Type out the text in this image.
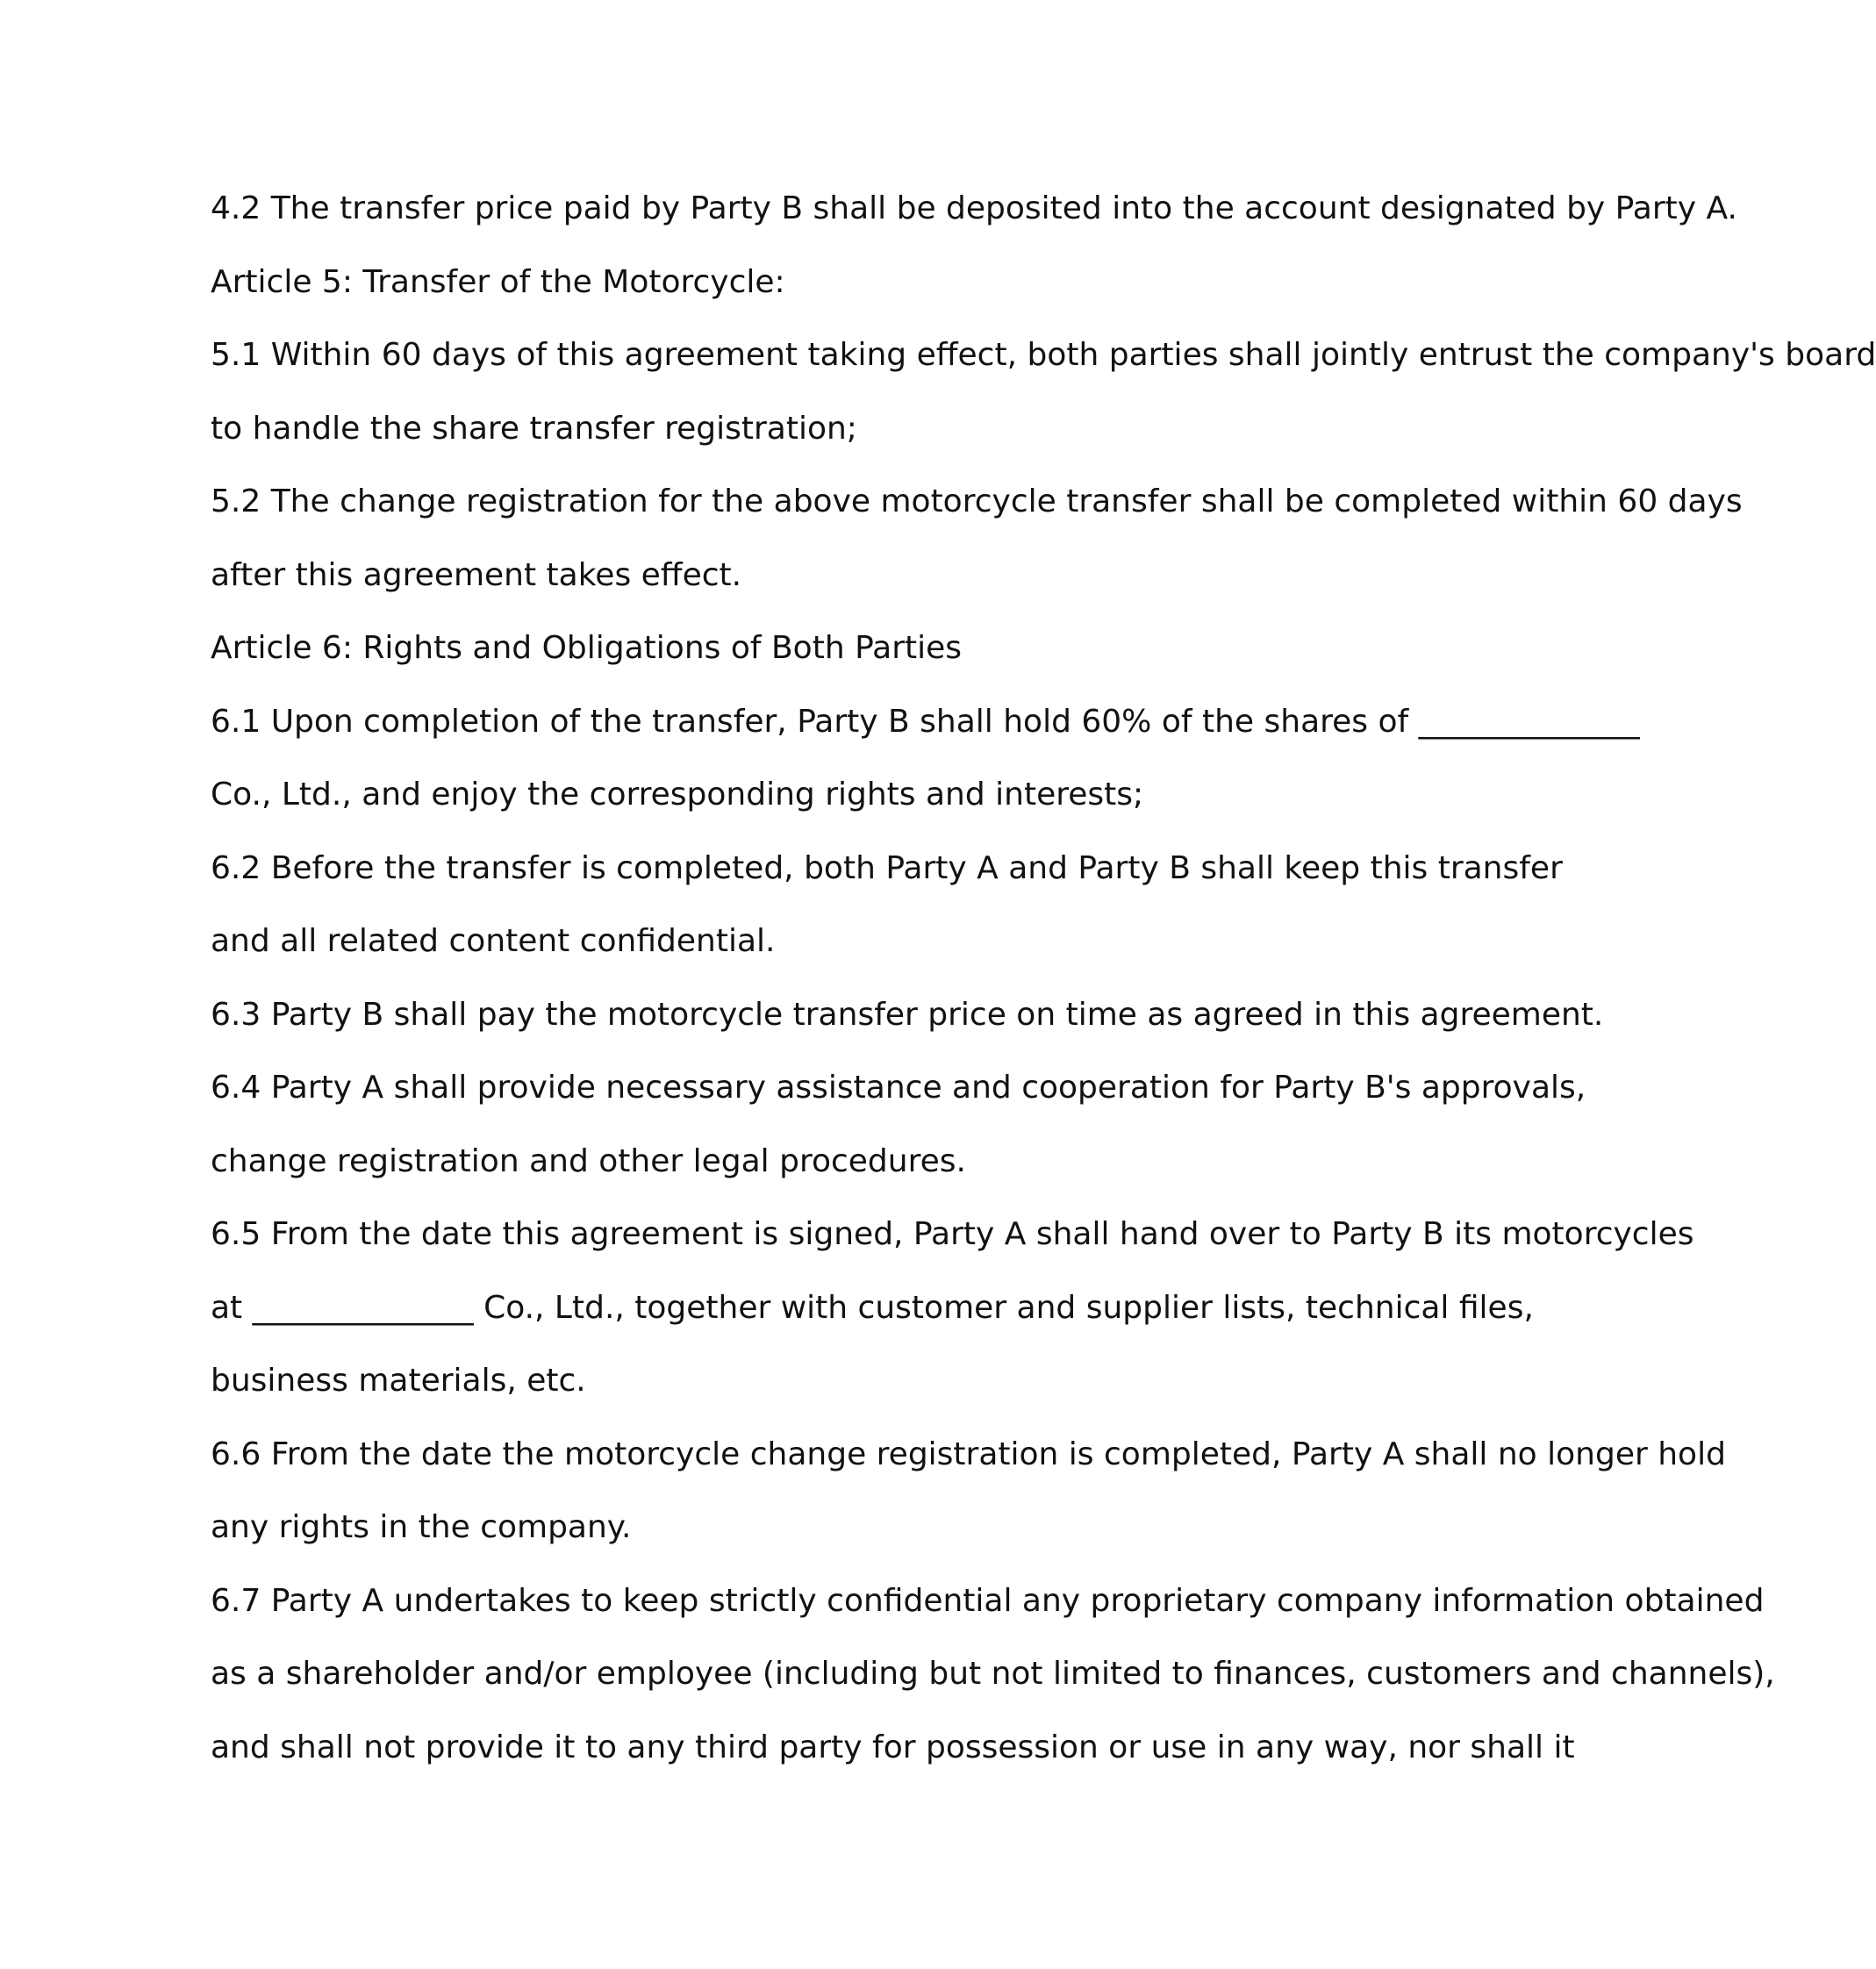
4.2 The transfer price paid by Party B shall be deposited into the account designated by Party A.
Article 5: Transfer of the Motorcycle:
5.1 Within 60 days of this agreement taking effect, both parties shall jointly entrust the company's board
to handle the share transfer registration;
5.2 The change registration for the above motorcycle transfer shall be completed within 60 days
after this agreement takes effect.
Article 6: Rights and Obligations of Both Parties
6.1 Upon completion of the transfer, Party B shall hold 60% of the shares of ______________
Co., Ltd., and enjoy the corresponding rights and interests;
6.2 Before the transfer is completed, both Party A and Party B shall keep this transfer
and all related content confidential.
6.3 Party B shall pay the motorcycle transfer price on time as agreed in this agreement.
6.4 Party A shall provide necessary assistance and cooperation for Party B's approvals,
change registration and other legal procedures.
6.5 From the date this agreement is signed, Party A shall hand over to Party B its motorcycles
at ______________ Co., Ltd., together with customer and supplier lists, technical files,
business materials, etc.
6.6 From the date the motorcycle change registration is completed, Party A shall no longer hold
any rights in the company.
6.7 Party A undertakes to keep strictly confidential any proprietary company information obtained
as a shareholder and/or employee (including but not limited to finances, customers and channels),
and shall not provide it to any third party for possession or use in any way, nor shall it
